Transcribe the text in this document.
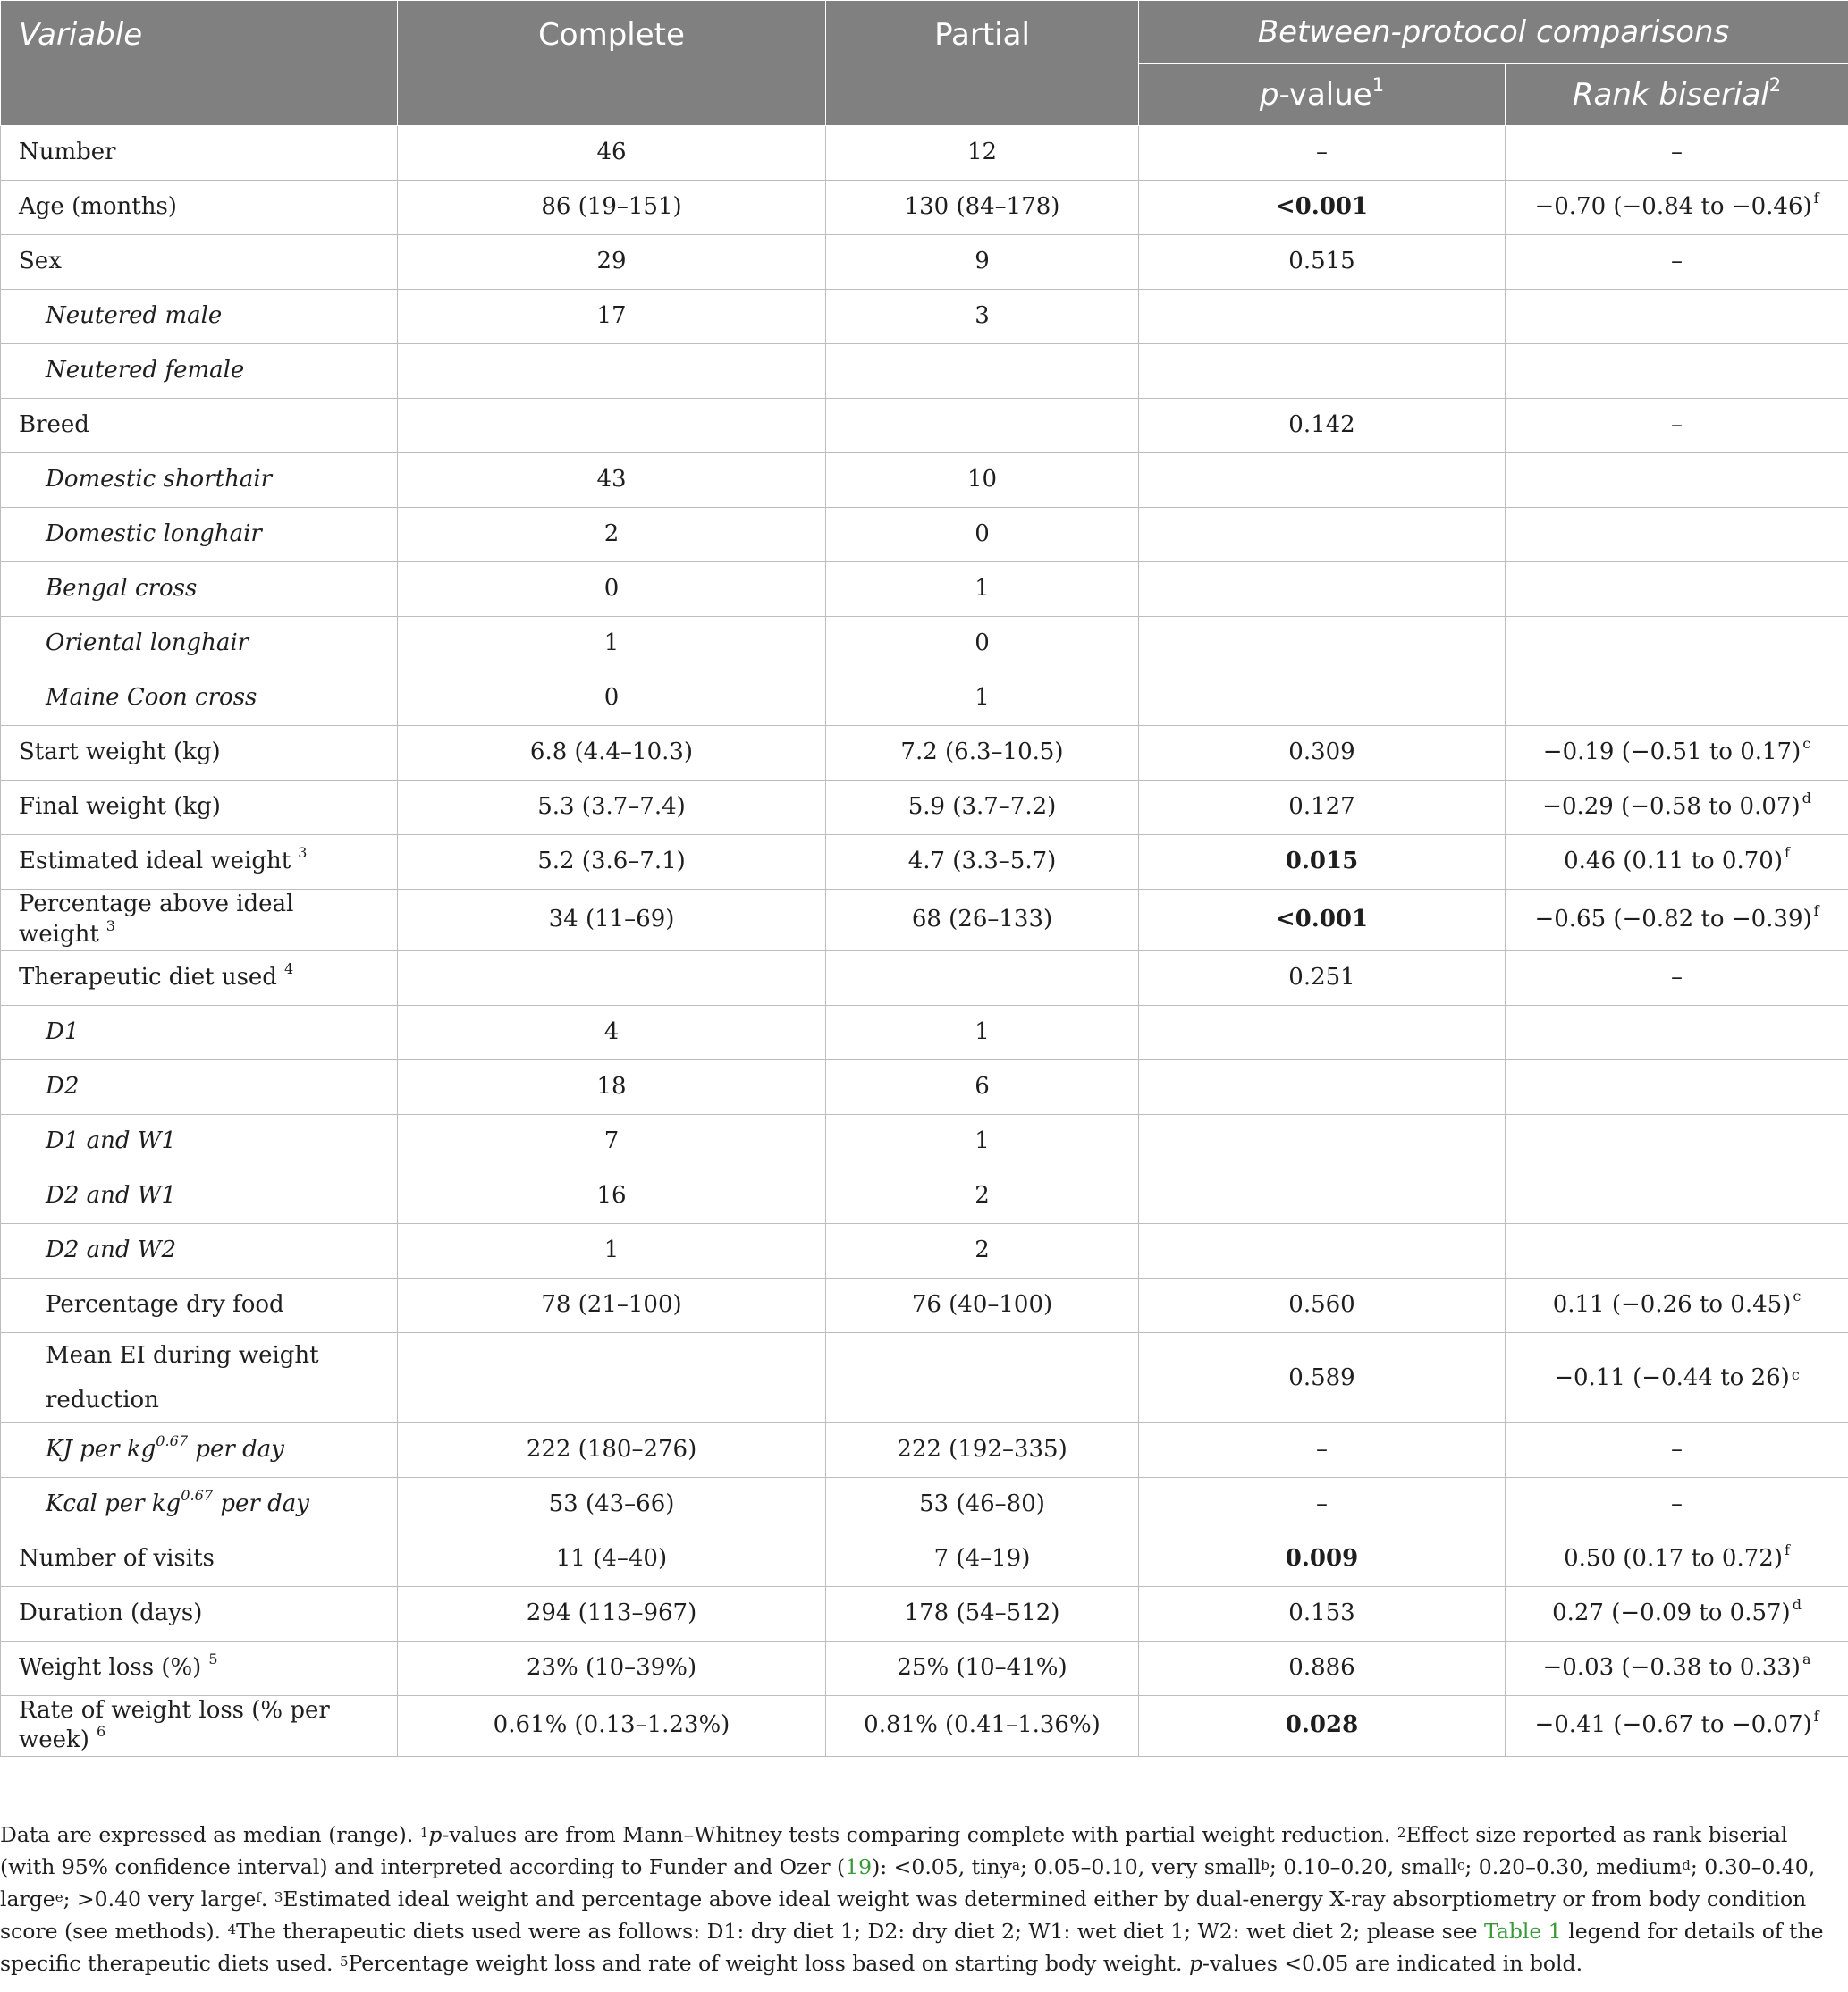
Variable	Complete	Partial	Between-protocol comparisons	
			p-value$^1$	Rank biserial$^2$
Number	46	12	–	–
Age (months)	86 (19–151)	130 (84–178)	<0.001	−0.70 (−0.84 to −0.46) $^f$
Sex	29	9	0.515	–
Neutered male	17	3		
Neutered female				
Breed			0.142	–
Domestic shorthair	43	10		
Domestic longhair	2	0		
Bengal cross	0	1		
Oriental longhair	1	0		
Maine Coon cross	0	1		
Start weight (kg)	6.8 (4.4–10.3)	7.2 (6.3–10.5)	0.309	−0.19 (−0.51 to 0.17) $^c$
Final weight (kg)	5.3 (3.7–7.4)	5.9 (3.7–7.2)	0.127	−0.29 (−0.58 to 0.07) $^d$
Estimated ideal weight $^3$	5.2 (3.6–7.1)	4.7 (3.3–5.7)	0.015	0.46 (0.11 to 0.70) $^f$
Percentage above ideal weight $^3$	34 (11–69)	68 (26–133)	<0.001	−0.65 (−0.82 to −0.39) $^f$
Therapeutic diet used $^4$			0.251	–
D1	4	1		
D2	18	6		
D1 and W1	7	1		
D2 and W1	16	2		
D2 and W2	1	2		
Percentage dry food	78 (21–100)	76 (40–100)	0.560	0.11 (−0.26 to 0.45) $^c$
Mean EI during weight reduction			0.589	−0.11 (−0.44 to 26) $^c$
KJ per $kg^{0.67}$ per day	222 (180–276)	222 (192–335)	–	–
Kcal per $kg^{0.67}$ per day	53 (43–66)	53 (46–80)	–	–
Number of visits	11 (4–40)	7 (4–19)	0.009	0.50 (0.17 to 0.72) $^f$
Duration (days)	294 (113–967)	178 (54–512)	0.153	0.27 (−0.09 to 0.57) $^d$
Weight loss (%) $^5$	23% (10–39%)	25% (10–41%)	0.886	−0.03 (−0.38 to 0.33) $^a$
Rate of weight loss (% per week) $^6$	0.61% (0.13–1.23%)	0.81% (0.41–1.36%)	0.028	−0.41 (−0.67 to −0.07) $^f$
Data are expressed as median (range). $^1$p-values are from Mann–Whitney tests comparing complete with partial weight reduction. $^2$Effect size reported as rank biserial (with 95% confidence interval) and interpreted according to Funder and Ozer (19): <0.05, tiny$^a$; 0.05–0.10, very small$^b$; 0.10–0.20, small$^c$; 0.20–0.30, medium$^d$; 0.30–0.40, large$^e$; >0.40 very large$^f$. $^3$Estimated ideal weight and percentage above ideal weight was determined either by dual-energy X-ray absorptiometry or from body condition score (see methods). $^4$The therapeutic diets used were as follows: D1: dry diet 1; D2: dry diet 2; W1: wet diet 1; W2: wet diet 2; please see Table 1 legend for details of the specific therapeutic diets used. $^5$Percentage weight loss and rate of weight loss based on starting body weight. p-values <0.05 are indicated in bold.
